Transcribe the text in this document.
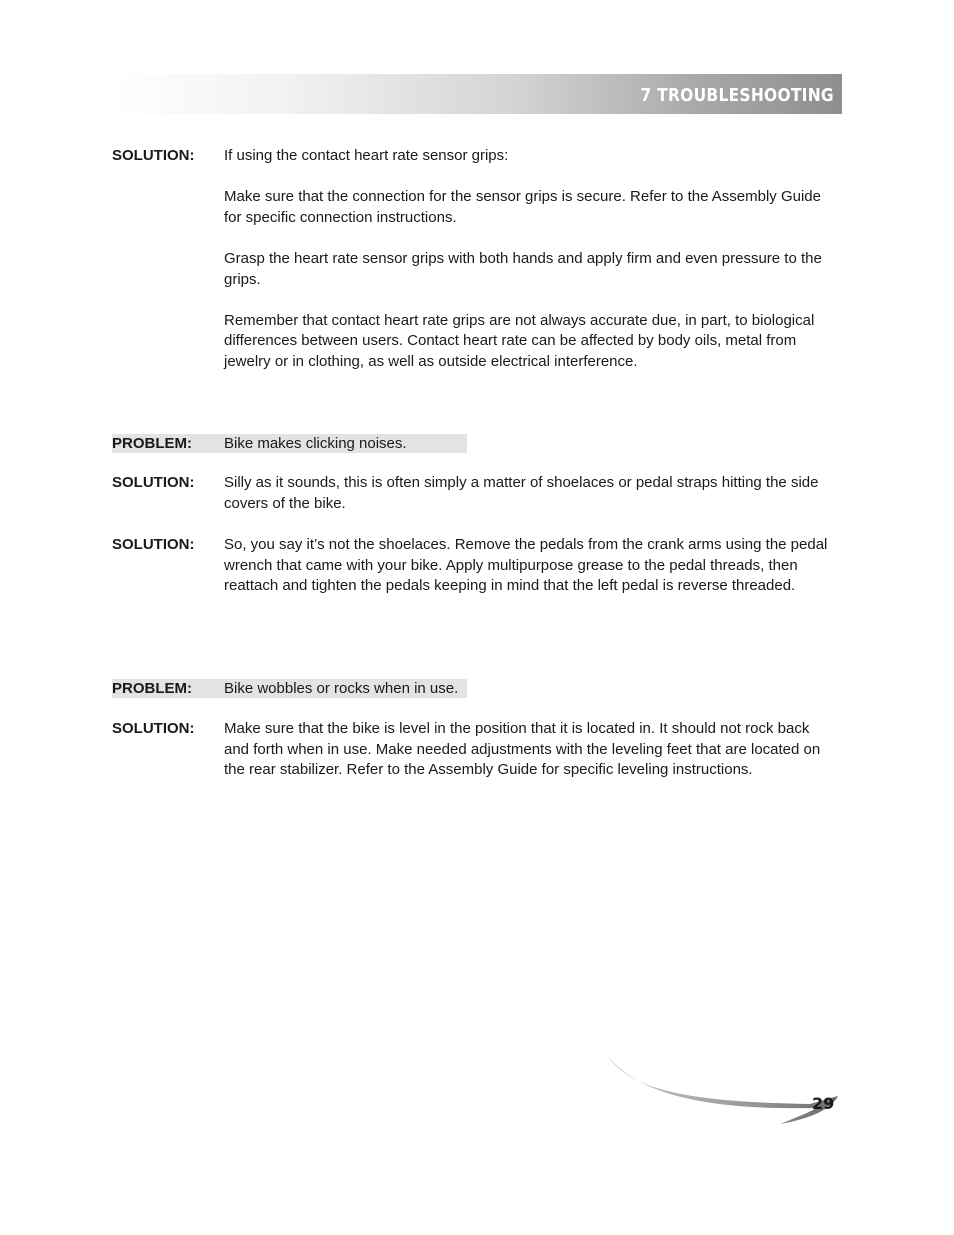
7 TROUBLESHOOTING
SOLUTION: If using the contact heart rate sensor grips:

Make sure that the connection for the sensor grips is secure. Refer to the Assembly Guide for specific connection instructions.

Grasp the heart rate sensor grips with both hands and apply firm and even pressure to the grips.

Remember that contact heart rate grips are not always accurate due, in part, to biological differences between users. Contact heart rate can be affected by body oils, metal from jewelry or in clothing, as well as outside electrical interference.

PROBLEM: Bike makes clicking noises.
SOLUTION: Silly as it sounds, this is often simply a matter of shoelaces or pedal straps hitting the side covers of the bike.
SOLUTION: So, you say it’s not the shoelaces. Remove the pedals from the crank arms using the pedal wrench that came with your bike. Apply multipurpose grease to the pedal threads, then reattach and tighten the pedals keeping in mind that the left pedal is reverse threaded.
PROBLEM: Bike wobbles or rocks when in use.
SOLUTION: Make sure that the bike is level in the position that it is located in. It should not rock back and forth when in use. Make needed adjustments with the leveling feet that are located on the rear stabilizer. Refer to the Assembly Guide for specific leveling instructions.
29
